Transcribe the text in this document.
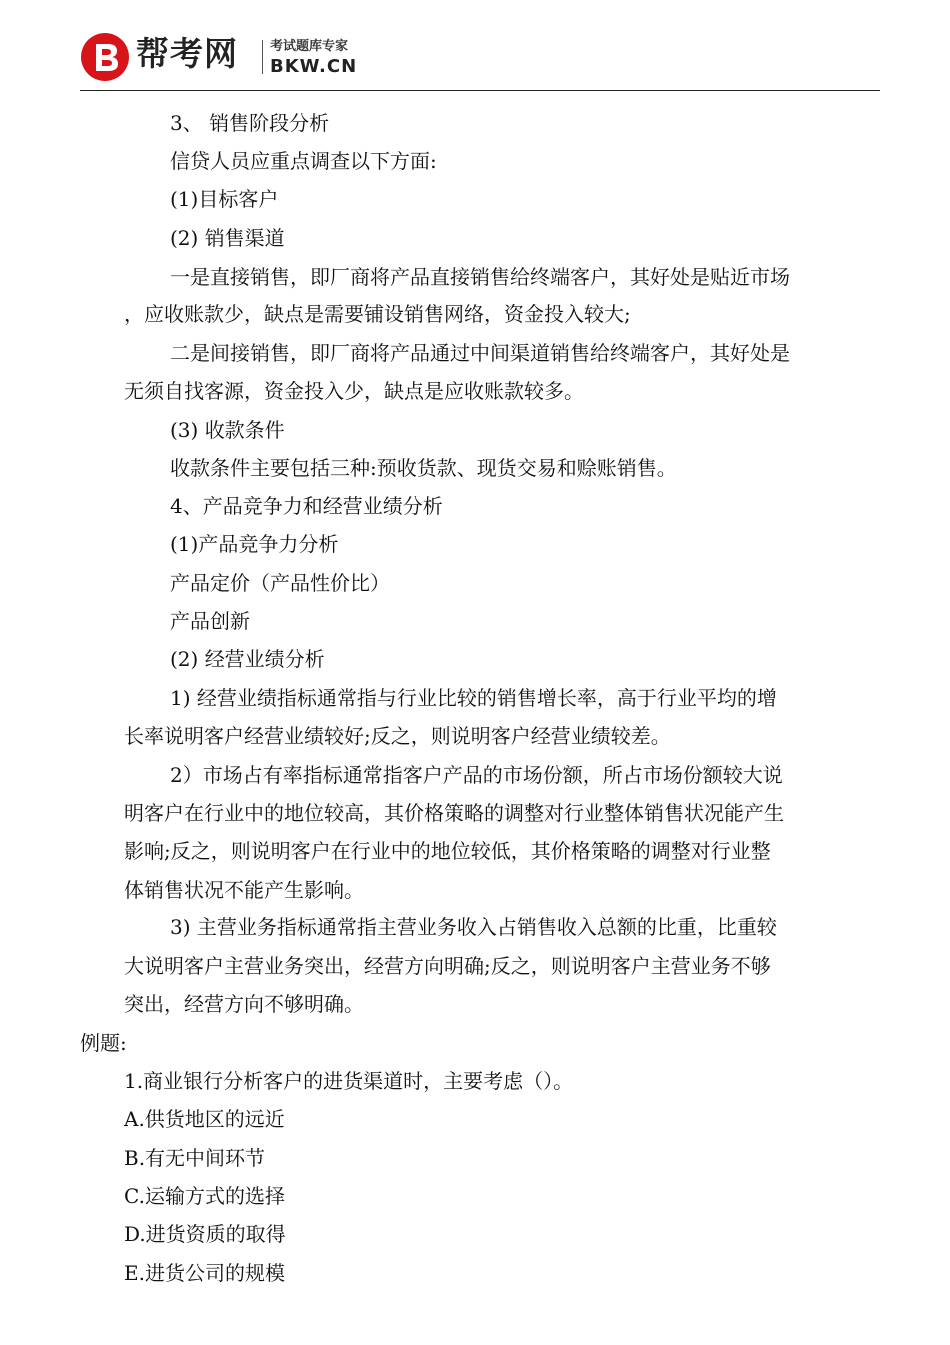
帮考网 考试题库专家
BKW.CN
3、 销售阶段分析
信贷人员应重点调查以下方面:
(1)目标客户
(2) 销售渠道
一是直接销售，即厂商将产品直接销售给终端客户，其好处是贴近市场
，应收账款少，缺点是需要铺设销售网络，资金投入较大;
二是间接销售，即厂商将产品通过中间渠道销售给终端客户，其好处是
无须自找客源，资金投入少，缺点是应收账款较多。
(3) 收款条件
收款条件主要包括三种:预收货款、现货交易和赊账销售。
4、产品竞争力和经营业绩分析
(1)产品竞争力分析
产品定价（产品性价比）
产品创新
(2) 经营业绩分析
1) 经营业绩指标通常指与行业比较的销售增长率，高于行业平均的增
长率说明客户经营业绩较好;反之，则说明客户经营业绩较差。
2）市场占有率指标通常指客户产品的市场份额，所占市场份额较大说
明客户在行业中的地位较高，其价格策略的调整对行业整体销售状况能产生
影响;反之，则说明客户在行业中的地位较低，其价格策略的调整对行业整
体销售状况不能产生影响。
3) 主营业务指标通常指主营业务收入占销售收入总额的比重，比重较
大说明客户主营业务突出，经营方向明确;反之，则说明客户主营业务不够
突出，经营方向不够明确。
例题:
1.商业银行分析客户的进货渠道时，主要考虑（）。
A.供货地区的远近
B.有无中间环节
C.运输方式的选择
D.进货资质的取得
E.进货公司的规模
